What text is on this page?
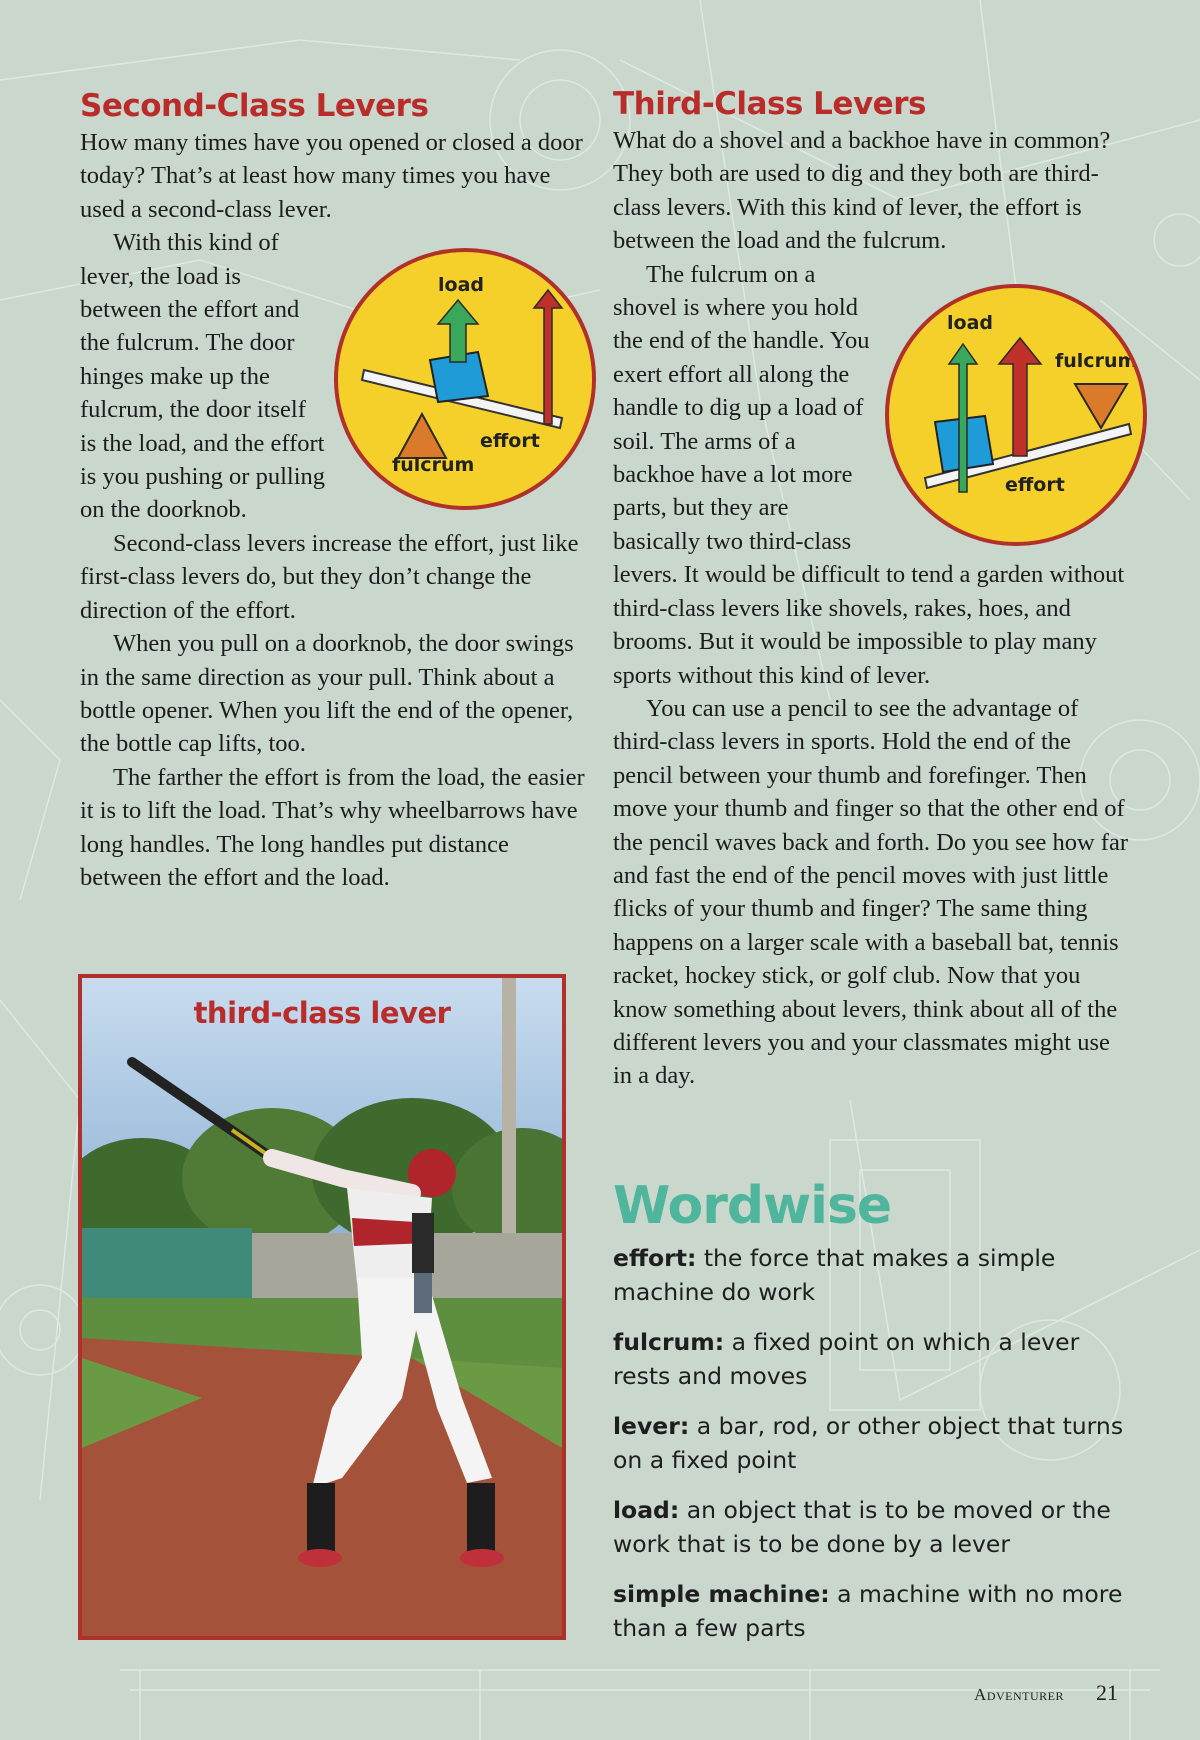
Second-Class Levers

How many times have you opened or closed a door today? That’s at least how many times you have used a second-class lever.

load
effort
fulcrum

With this kind of lever, the load is between the effort and the fulcrum. The door hinges make up the fulcrum, the door itself is the load, and the effort is you pushing or pulling on the doorknob.

Second-class levers increase the effort, just like first-class levers do, but they don’t change the direction of the effort.

When you pull on a doorknob, the door swings in the same direction as your pull. Think about a bottle opener. When you lift the end of the opener, the bottle cap lifts, too.

The farther the effort is from the load, the easier it is to lift the load. That’s why wheelbarrows have long handles. The long handles put distance between the effort and the load.

third-class lever
Third-Class Levers

What do a shovel and a backhoe have in common? They both are used to dig and they both are third-class levers. With this kind of lever, the effort is between the load and the fulcrum.

load
fulcrum
effort

The fulcrum on a shovel is where you hold the end of the handle. You exert effort all along the handle to dig up a load of soil. The arms of a backhoe have a lot more parts, but they are basically two third-class levers. It would be difficult to tend a garden without third-class levers like shovels, rakes, hoes, and brooms. But it would be impossible to play many sports without this kind of lever.

You can use a pencil to see the advantage of third-class levers in sports. Hold the end of the pencil between your thumb and forefinger. Then move your thumb and finger so that the other end of the pencil waves back and forth. Do you see how far and fast the end of the pencil moves with just little flicks of your thumb and finger? The same thing happens on a larger scale with a baseball bat, tennis racket, hockey stick, or golf club. Now that you know something about levers, think about all of the different levers you and your classmates might use in a day.

Wordwise

effort: the force that makes a simple machine do work

fulcrum: a fixed point on which a lever rests and moves

lever: a bar, rod, or other object that turns on a fixed point

load: an object that is to be moved or the work that is to be done by a lever

simple machine: a machine with no more than a few parts

Adventurer 21
